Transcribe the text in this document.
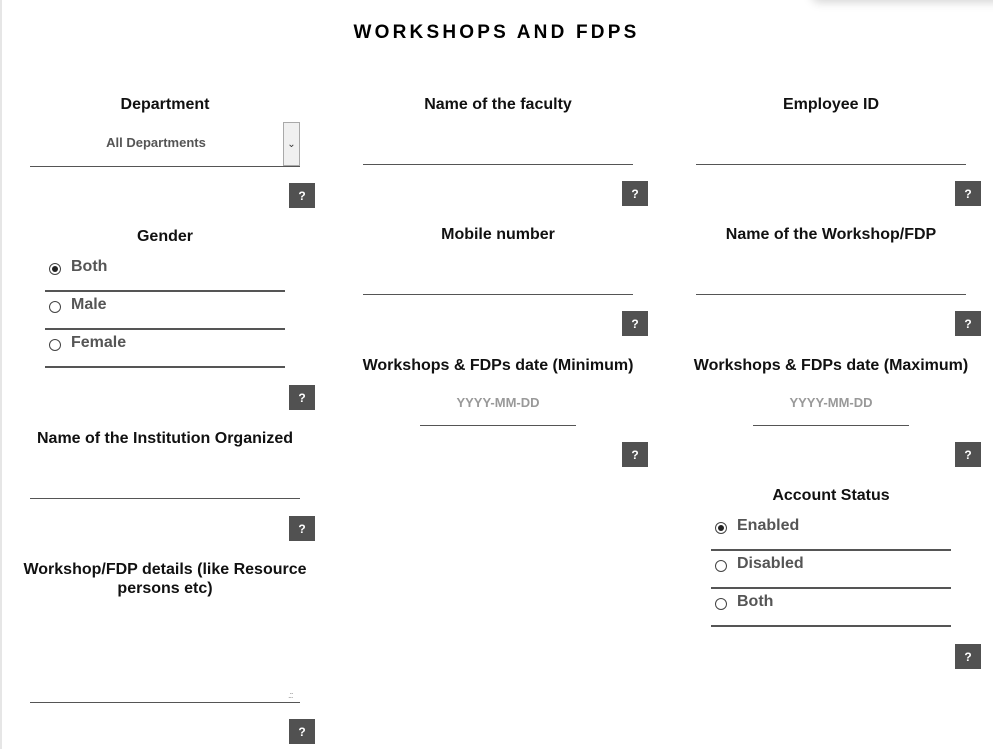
WORKSHOPS AND FDPS
Department
All Departments	⌄
?
Gender
Both
Male
Female
?
Name of the Institution Organized
?
Workshop/FDP details (like Resource persons etc)
.::
?
Name of the faculty
?
Mobile number
?
Workshops & FDPs date (Minimum)
YYYY-MM-DD
?
Employee ID
?
Name of the Workshop/FDP
?
Workshops & FDPs date (Maximum)
YYYY-MM-DD
?
Account Status
Enabled
Disabled
Both
?
